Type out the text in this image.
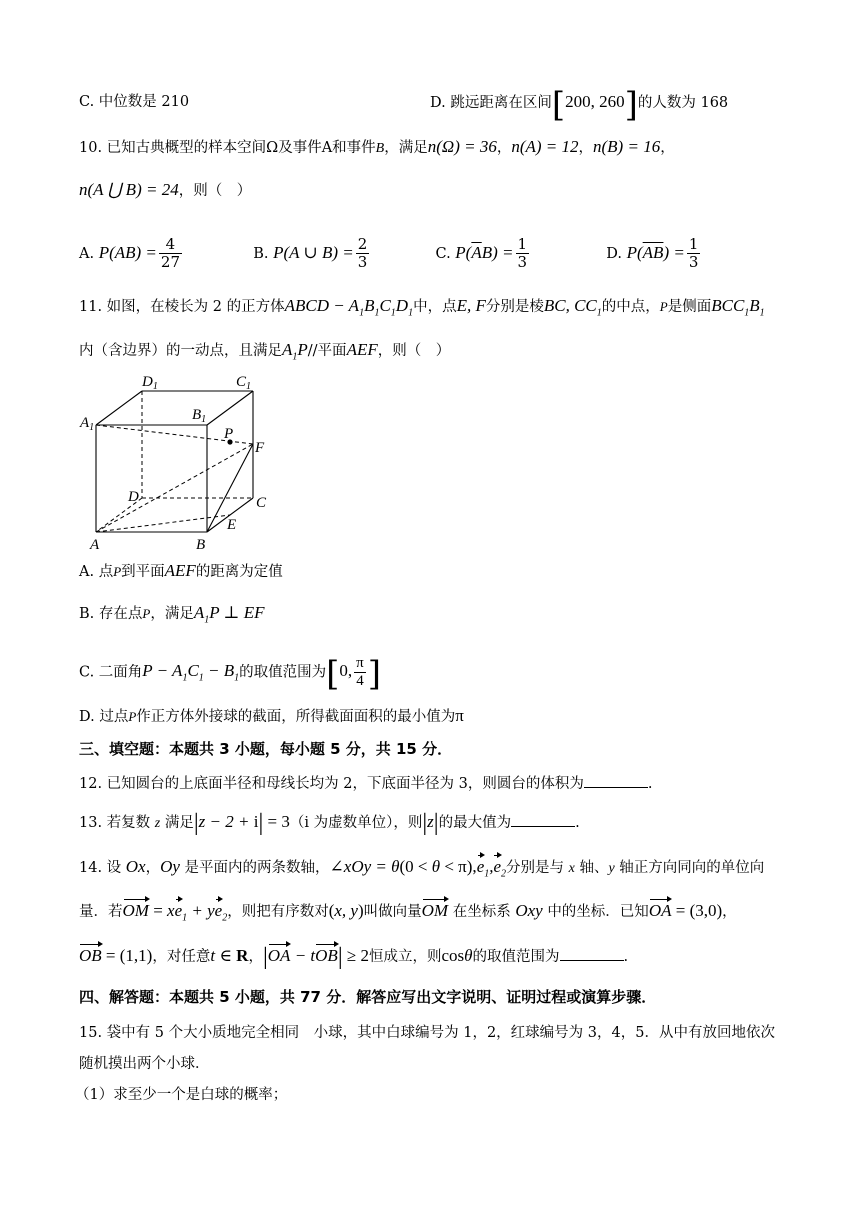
C. 中位数是 210	D. 跳远距离在区间[200, 260]的人数为 168
10. 已知古典概型的样本空间Ω及事件A和事件B，满足n(Ω) = 36，n(A) = 12，n(B) = 16，
n(A ⋃ B) = 24，则（　）
A. $P(AB) = \frac{4}{27}$	B. P(A ∪ $B) = \frac{2}{3}$	C. $P(\overline{A}B) = \frac{1}{3}$	D. $P(\overline{AB}) = \frac{1}{3}$
11. 如图，在棱长为 2 的正方体ABCD − $A_1B_1C_1D_1$中，点E, F分别是棱BC, $CC_1$的中点，P是侧面$BCC_1B_1$
内（含边界）的一动点，且满足$A_1P//$平面AEF，则（　）
$D_1$	$C_1$
$A_1$
$B_1$
P
F
D	C
E
A	B
A. 点P到平面AEF的距离为定值
B. 存在点P，满足$A_1P$ ⊥ EF
C. 二面角$P - A_1C_1 - B_1$的取值范围为[0, $\frac{\pi}{4}$ ]
D. 过点P作正方体外接球的截面，所得截面面积的最小值为π
三、填空题：本题共 3 小题，每小题 5 分，共 15 分．
12. 已知圆台的上底面半径和母线长均为 2，下底面半径为 3，则圆台的体积为	.
13. 若复数 z 满足|z − 2 + i| = 3（i 为虚数单位），则|z|的最大值为	.
14. 设 Ox，Oy 是平面内的两条数轴，∠xOy = $\theta(0 < \theta < \pi),e_1,e_2$分别是与 x 轴、y 轴正方向同向的单位向
量．若OM = $xe_1 + ye_2$，则把有序数对(x, y)叫做向量OM 在坐标系 Oxy 中的坐标．已知OA = (3,0)，
OB = (1,1)，对任意t ∈ R，|OA − tOB| ≥ 2恒成立，则cosθ的取值范围为	.
四、解答题：本题共 5 小题，共 77 分．解答应写出文字说明、证明过程或演算步骤．
15. 袋中有 5 个大小质地完全相同　小球，其中白球编号为 1，2，红球编号为 3，4，5．从中有放回地依次
随机摸出两个小球．
（1）求至少一个是白球的概率；
